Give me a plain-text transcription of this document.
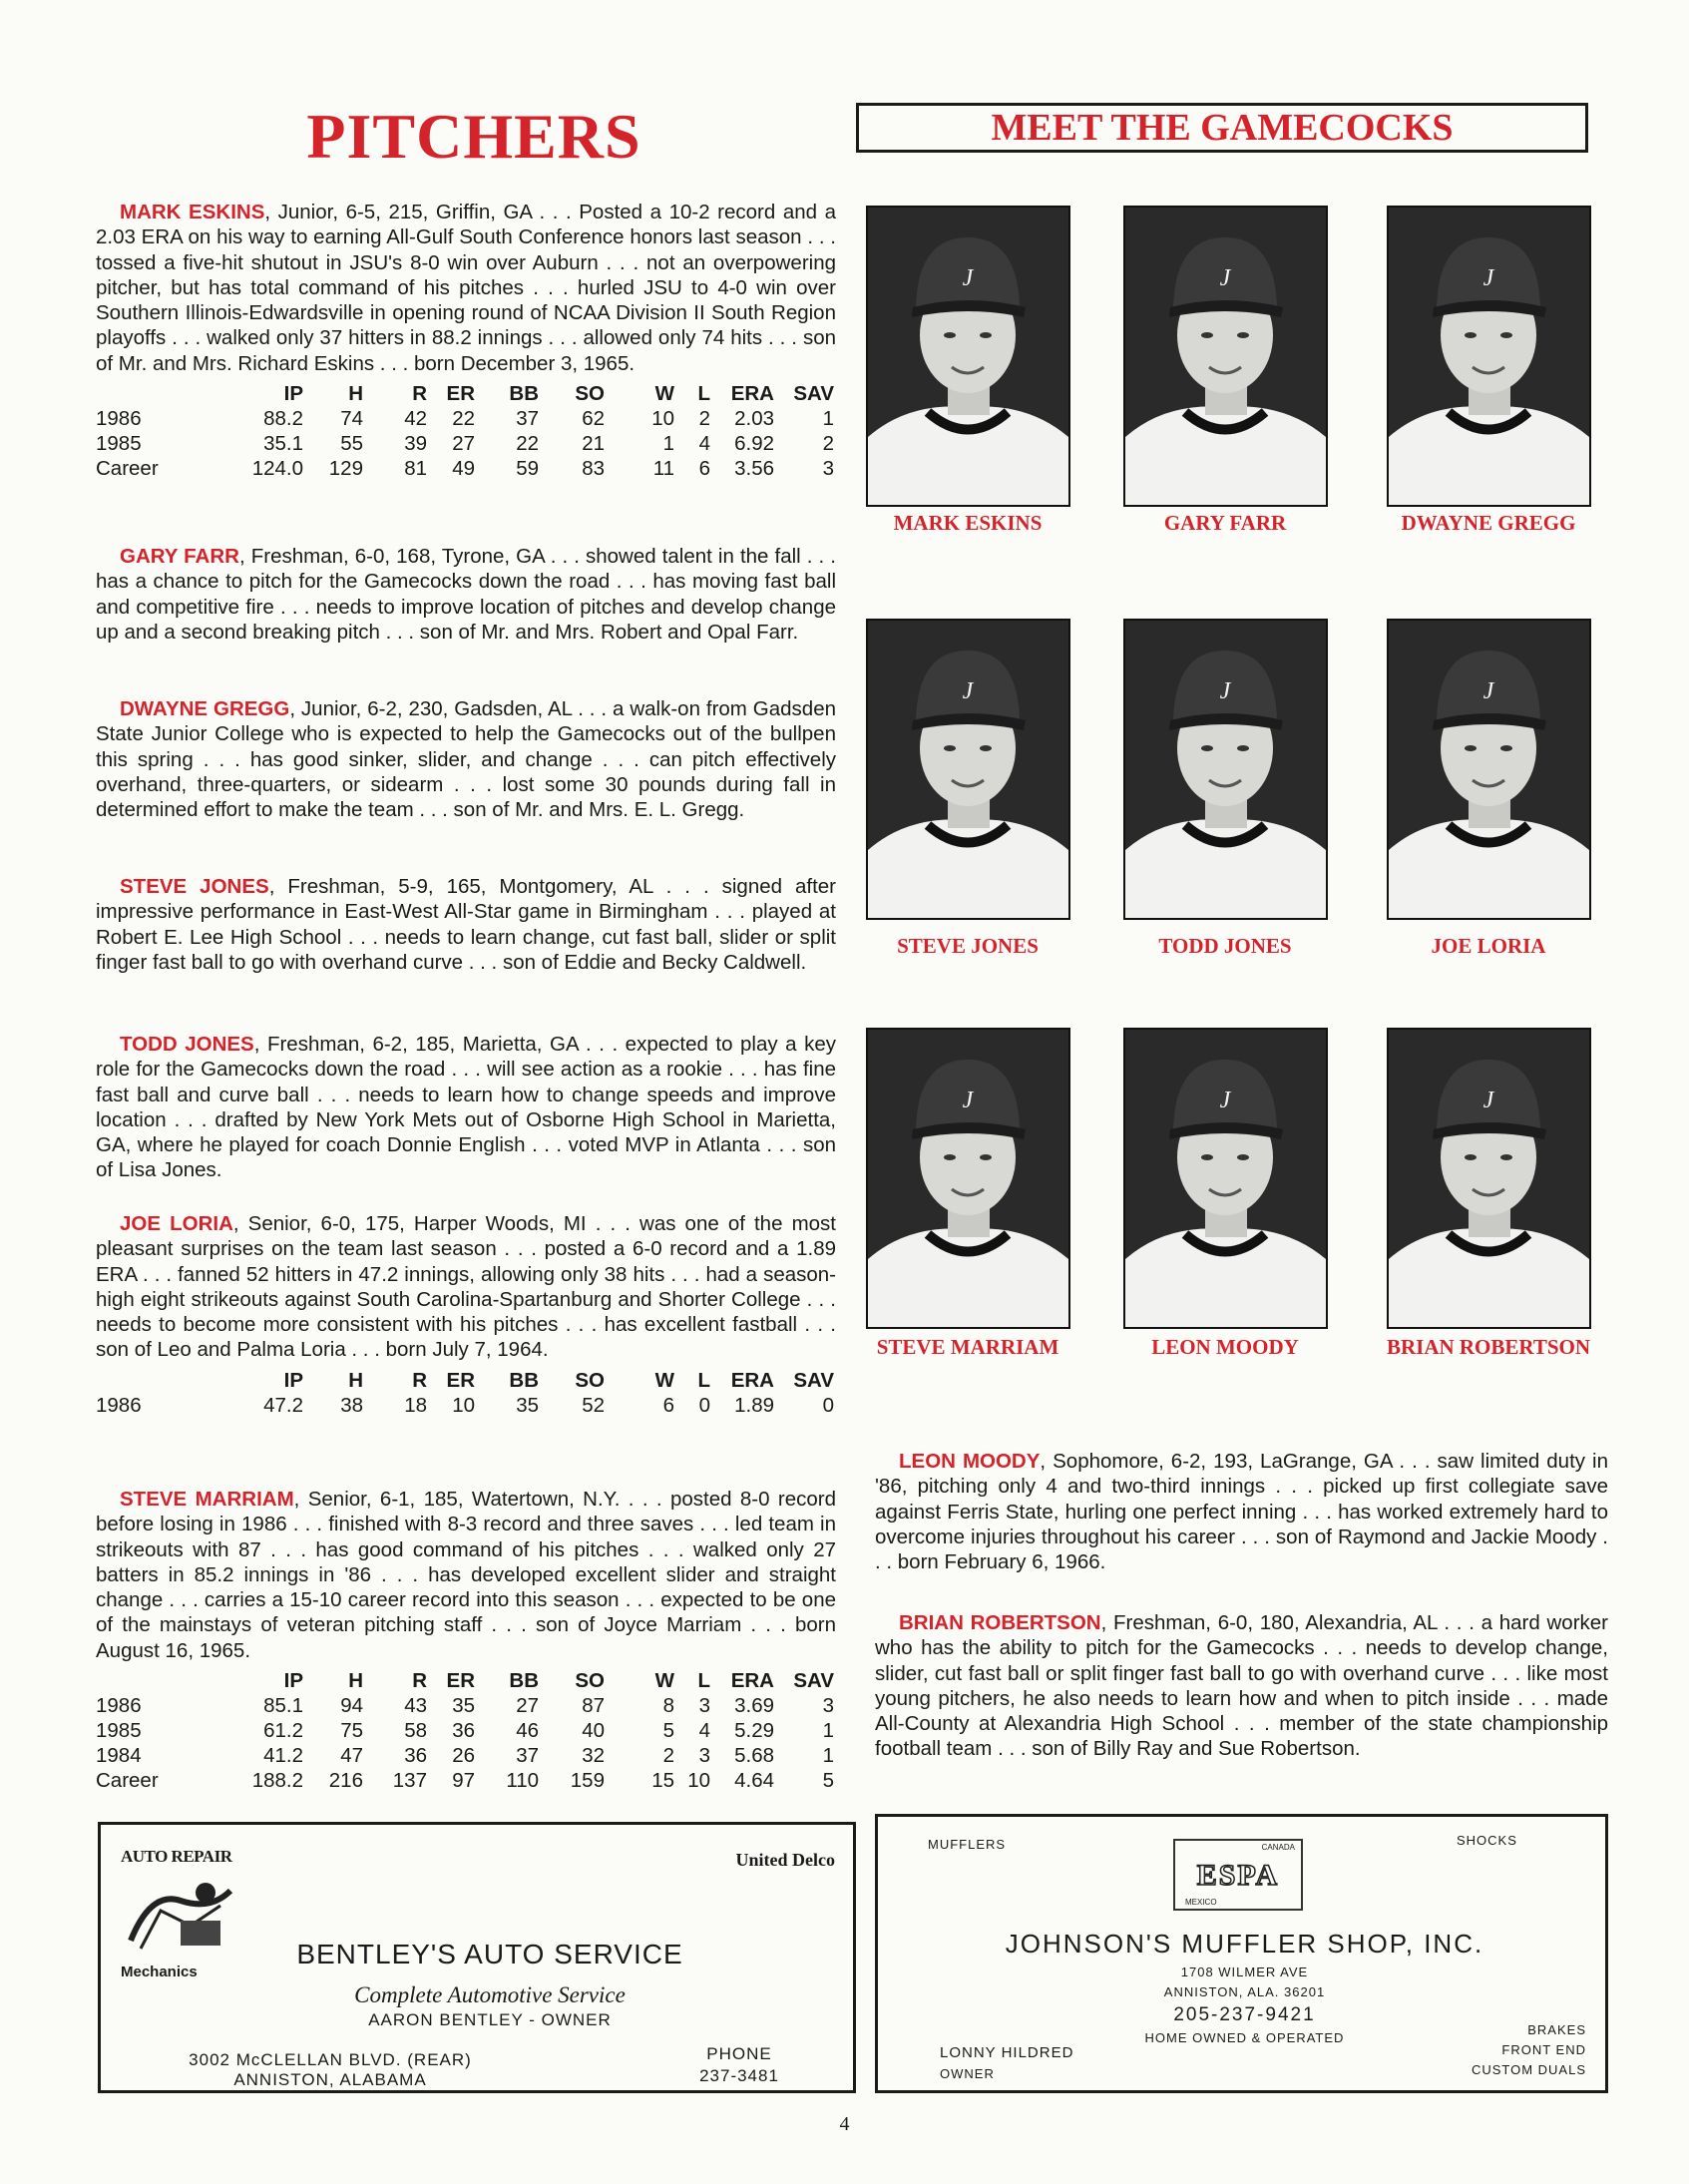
PITCHERS	MEET THE GAMECOCKS

MARK ESKINS, Junior, 6-5, 215, Griffin, GA . . . Posted a 10-2 record and a 2.03 ERA on his way to earning All-Gulf South Conference honors last season . . . tossed a five-hit shutout in JSU's 8-0 win over Auburn . . . not an overpowering pitcher, but has total command of his pitches . . . hurled JSU to 4-0 win over Southern Illinois-Edwardsville in opening round of NCAA Division II South Region playoffs . . . walked only 37 hitters in 88.2 innings . . . allowed only 74 hits . . . son of Mr. and Mrs. Richard Eskins . . . born December 3, 1965.

	IP	H	R	ER	BB	SO	W	L	ERA	SAV
1986	88.2	74	42	22	37	62	10	2	2.03	1
1985	35.1	55	39	27	22	21	1	4	6.92	2
Career	124.0	129	81	49	59	83	11	6	3.56	3

GARY FARR, Freshman, 6-0, 168, Tyrone, GA . . . showed talent in the fall . . . has a chance to pitch for the Gamecocks down the road . . . has moving fast ball and competitive fire . . . needs to improve location of pitches and develop change up and a second breaking pitch . . . son of Mr. and Mrs. Robert and Opal Farr.

DWAYNE GREGG, Junior, 6-2, 230, Gadsden, AL . . . a walk-on from Gadsden State Junior College who is expected to help the Gamecocks out of the bullpen this spring . . . has good sinker, slider, and change . . . can pitch effectively overhand, three-quarters, or sidearm . . . lost some 30 pounds during fall in determined effort to make the team . . . son of Mr. and Mrs. E. L. Gregg.

STEVE JONES, Freshman, 5-9, 165, Montgomery, AL . . . signed after impressive performance in East-West All-Star game in Birmingham . . . played at Robert E. Lee High School . . . needs to learn change, cut fast ball, slider or split finger fast ball to go with overhand curve . . . son of Eddie and Becky Caldwell.

TODD JONES, Freshman, 6-2, 185, Marietta, GA . . . expected to play a key role for the Gamecocks down the road . . . will see action as a rookie . . . has fine fast ball and curve ball . . . needs to learn how to change speeds and improve location . . . drafted by New York Mets out of Osborne High School in Marietta, GA, where he played for coach Donnie English . . . voted MVP in Atlanta . . . son of Lisa Jones.

JOE LORIA, Senior, 6-0, 175, Harper Woods, MI . . . was one of the most pleasant surprises on the team last season . . . posted a 6-0 record and a 1.89 ERA . . . fanned 52 hitters in 47.2 innings, allowing only 38 hits . . . had a season-high eight strikeouts against South Carolina-Spartanburg and Shorter College . . . needs to become more consistent with his pitches . . . has excellent fastball . . . son of Leo and Palma Loria . . . born July 7, 1964.

	IP	H	R	ER	BB	SO	W	L	ERA	SAV
1986	47.2	38	18	10	35	52	6	0	1.89	0

STEVE MARRIAM, Senior, 6-1, 185, Watertown, N.Y. . . . posted 8-0 record before losing in 1986 . . . finished with 8-3 record and three saves . . . led team in strikeouts with 87 . . . has good command of his pitches . . . walked only 27 batters in 85.2 innings in '86 . . . has developed excellent slider and straight change . . . carries a 15-10 career record into this season . . . expected to be one of the mainstays of veteran pitching staff . . . son of Joyce Marriam . . . born August 16, 1965.

	IP	H	R	ER	BB	SO	W	L	ERA	SAV
1986	85.1	94	43	35	27	87	8	3	3.69	3
1985	61.2	75	58	36	46	40	5	4	5.29	1
1984	41.2	47	36	26	37	32	2	3	5.68	1
Career	188.2	216	137	97	110	159	15	10	4.64	5
J
MARK ESKINS
J
GARY FARR
J
DWAYNE GREGG
J
STEVE JONES
J
TODD JONES
J
JOE LORIA
J
STEVE MARRIAM
J
LEON MOODY
J
BRIAN ROBERTSON

LEON MOODY, Sophomore, 6-2, 193, LaGrange, GA . . . saw limited duty in '86, pitching only 4 and two-third innings . . . picked up first collegiate save against Ferris State, hurling one perfect inning . . . has worked extremely hard to overcome injuries throughout his career . . . son of Raymond and Jackie Moody . . . born February 6, 1966.

BRIAN ROBERTSON, Freshman, 6-0, 180, Alexandria, AL . . . a hard worker who has the ability to pitch for the Gamecocks . . . needs to develop change, slider, cut fast ball or split finger fast ball to go with overhand curve . . . like most young pitchers, he also needs to learn how and when to pitch inside . . . made All-County at Alexandria High School . . . member of the state championship football team . . . son of Billy Ray and Sue Robertson.

AUTO REPAIR
Mechanics
United Delco
BENTLEY'S AUTO SERVICE
Complete Automotive Service
AARON BENTLEY - OWNER
3002 McCLELLAN BLVD. (REAR)
ANNISTON, ALABAMA
PHONE
237-3481
MUFFLERS	SHOCKS
CANADA
ESPA
MEXICO
JOHNSON'S MUFFLER SHOP, INC.
1708 WILMER AVE
ANNISTON, ALA. 36201
205-237-9421
HOME OWNED & OPERATED
LONNY HILDRED
OWNER
BRAKES
FRONT END
CUSTOM DUALS
4
